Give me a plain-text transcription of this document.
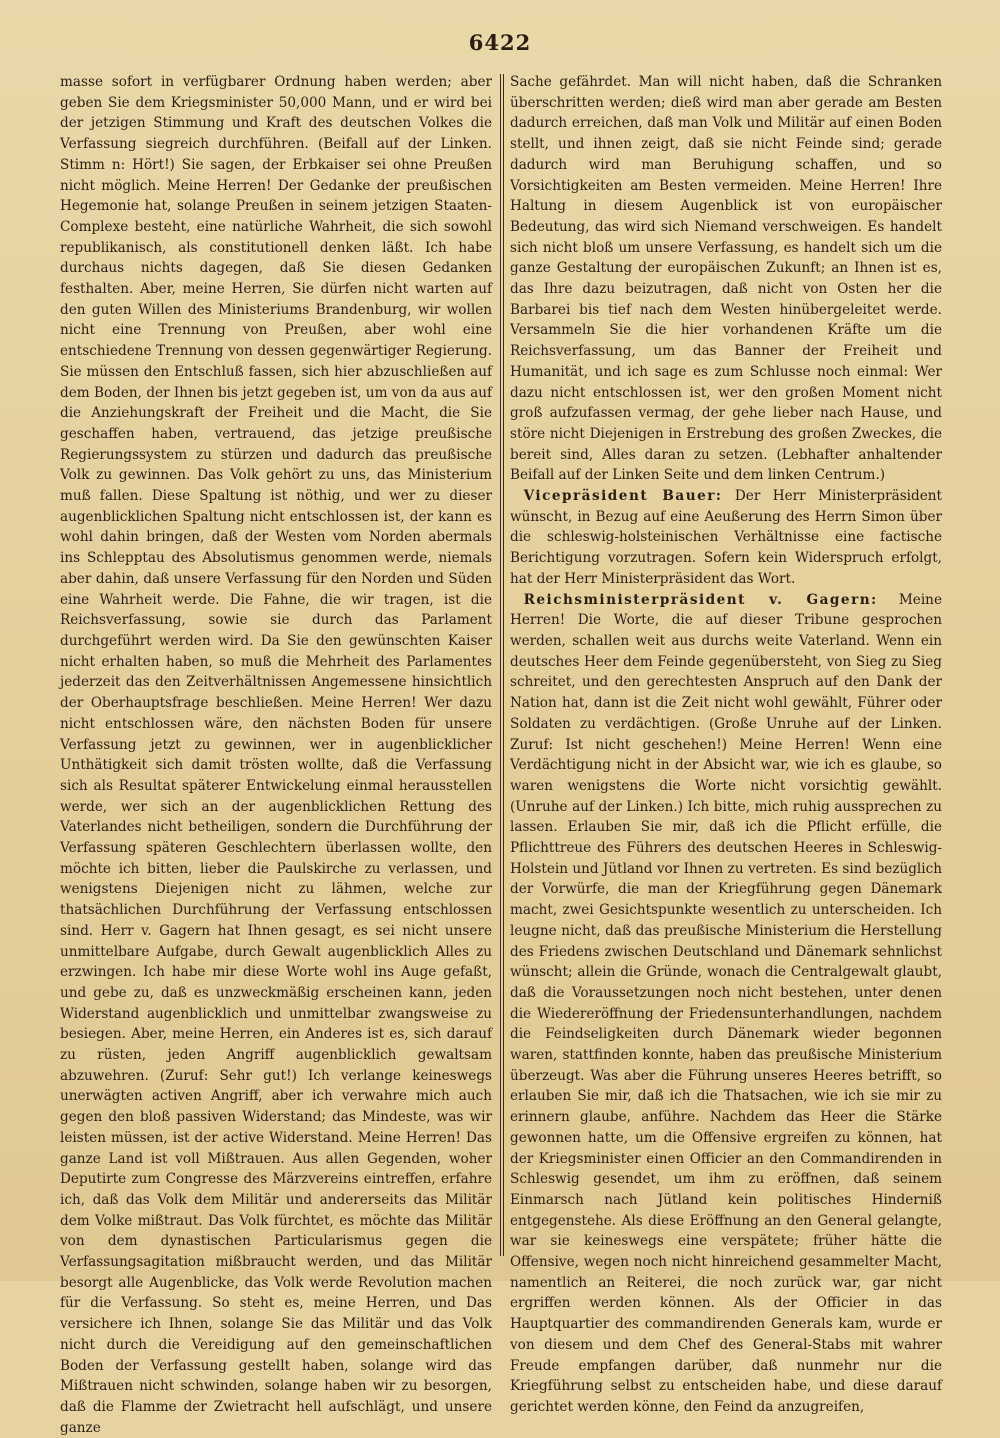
6422

masse sofort in verfügbarer Ordnung haben werden; aber geben Sie dem Kriegsminister 50,000 Mann, und er wird bei der jetzigen Stimmung und Kraft des deutschen Volkes die Verfassung siegreich durchführen. (Beifall auf der Linken. Stimm n: Hört!) Sie sagen, der Erbkaiser sei ohne Preußen nicht möglich. Meine Herren! Der Gedanke der preußischen Hegemonie hat, solange Preußen in seinem jetzigen Staaten-Complexe besteht, eine natürliche Wahrheit, die sich sowohl republikanisch, als constitutionell denken läßt. Ich habe durchaus nichts dagegen, daß Sie diesen Gedanken festhalten. Aber, meine Herren, Sie dürfen nicht warten auf den guten Willen des Ministeriums Brandenburg, wir wollen nicht eine Trennung von Preußen, aber wohl eine entschiedene Trennung von dessen gegenwärtiger Regierung. Sie müssen den Entschluß fassen, sich hier abzuschließen auf dem Boden, der Ihnen bis jetzt gegeben ist, um von da aus auf die Anziehungskraft der Freiheit und die Macht, die Sie geschaffen haben, vertrauend, das jetzige preußische Regierungssystem zu stürzen und dadurch das preußische Volk zu gewinnen. Das Volk gehört zu uns, das Ministerium muß fallen. Diese Spaltung ist nöthig, und wer zu dieser augenblicklichen Spaltung nicht entschlossen ist, der kann es wohl dahin bringen, daß der Westen vom Norden abermals ins Schlepptau des Absolutismus genommen werde, niemals aber dahin, daß unsere Verfassung für den Norden und Süden eine Wahrheit werde. Die Fahne, die wir tragen, ist die Reichsverfassung, sowie sie durch das Parlament durchgeführt werden wird. Da Sie den gewünschten Kaiser nicht erhalten haben, so muß die Mehrheit des Parlamentes jederzeit das den Zeitverhältnissen Angemessene hinsichtlich der Oberhauptsfrage beschließen. Meine Herren! Wer dazu nicht entschlossen wäre, den nächsten Boden für unsere Verfassung jetzt zu gewinnen, wer in augenblicklicher Unthätigkeit sich damit trösten wollte, daß die Verfassung sich als Resultat späterer Entwickelung einmal herausstellen werde, wer sich an der augenblicklichen Rettung des Vaterlandes nicht betheiligen, sondern die Durchführung der Verfassung späteren Geschlechtern überlassen wollte, den möchte ich bitten, lieber die Paulskirche zu verlassen, und wenigstens Diejenigen nicht zu lähmen, welche zur thatsächlichen Durchführung der Verfassung entschlossen sind. Herr v. Gagern hat Ihnen gesagt, es sei nicht unsere unmittelbare Aufgabe, durch Gewalt augenblicklich Alles zu erzwingen. Ich habe mir diese Worte wohl ins Auge gefaßt, und gebe zu, daß es unzweckmäßig erscheinen kann, jeden Widerstand augenblicklich und unmittelbar zwangsweise zu besiegen. Aber, meine Herren, ein Anderes ist es, sich darauf zu rüsten, jeden Angriff augenblicklich gewaltsam abzuwehren. (Zuruf: Sehr gut!) Ich verlange keineswegs unerwägten activen Angriff, aber ich verwahre mich auch gegen den bloß passiven Widerstand; das Mindeste, was wir leisten müssen, ist der active Widerstand. Meine Herren! Das ganze Land ist voll Mißtrauen. Aus allen Gegenden, woher Deputirte zum Congresse des Märzvereins eintreffen, erfahre ich, daß das Volk dem Militär und andererseits das Militär dem Volke mißtraut. Das Volk fürchtet, es möchte das Militär von dem dynastischen Particularismus gegen die Verfassungsagitation mißbraucht werden, und das Militär besorgt alle Augenblicke, das Volk werde Revolution machen für die Verfassung. So steht es, meine Herren, und Das versichere ich Ihnen, solange Sie das Militär und das Volk nicht durch die Vereidigung auf den gemeinschaftlichen Boden der Verfassung gestellt haben, solange wird das Mißtrauen nicht schwinden, solange haben wir zu besorgen, daß die Flamme der Zwietracht hell aufschlägt, und unsere ganze

Sache gefährdet. Man will nicht haben, daß die Schranken überschritten werden; dieß wird man aber gerade am Besten dadurch erreichen, daß man Volk und Militär auf einen Boden stellt, und ihnen zeigt, daß sie nicht Feinde sind; gerade dadurch wird man Beruhigung schaffen, und so Vorsichtigkeiten am Besten vermeiden. Meine Herren! Ihre Haltung in diesem Augenblick ist von europäischer Bedeutung, das wird sich Niemand verschweigen. Es handelt sich nicht bloß um unsere Verfassung, es handelt sich um die ganze Gestaltung der europäischen Zukunft; an Ihnen ist es, das Ihre dazu beizutragen, daß nicht von Osten her die Barbarei bis tief nach dem Westen hinübergeleitet werde. Versammeln Sie die hier vorhandenen Kräfte um die Reichsverfassung, um das Banner der Freiheit und Humanität, und ich sage es zum Schlusse noch einmal: Wer dazu nicht entschlossen ist, wer den großen Moment nicht groß aufzufassen vermag, der gehe lieber nach Hause, und störe nicht Diejenigen in Erstrebung des großen Zweckes, die bereit sind, Alles daran zu setzen. (Lebhafter anhaltender Beifall auf der Linken Seite und dem linken Centrum.)

 Vicepräsident Bauer: Der Herr Ministerpräsident wünscht, in Bezug auf eine Aeußerung des Herrn Simon über die schleswig-holsteinischen Verhältnisse eine factische Berichtigung vorzutragen. Sofern kein Widerspruch erfolgt, hat der Herr Ministerpräsident das Wort.

 Reichsministerpräsident v. Gagern: Meine Herren! Die Worte, die auf dieser Tribune gesprochen werden, schallen weit aus durchs weite Vaterland. Wenn ein deutsches Heer dem Feinde gegenübersteht, von Sieg zu Sieg schreitet, und den gerechtesten Anspruch auf den Dank der Nation hat, dann ist die Zeit nicht wohl gewählt, Führer oder Soldaten zu verdächtigen. (Große Unruhe auf der Linken. Zuruf: Ist nicht geschehen!) Meine Herren! Wenn eine Verdächtigung nicht in der Absicht war, wie ich es glaube, so waren wenigstens die Worte nicht vorsichtig gewählt. (Unruhe auf der Linken.) Ich bitte, mich ruhig aussprechen zu lassen. Erlauben Sie mir, daß ich die Pflicht erfülle, die Pflichttreue des Führers des deutschen Heeres in Schleswig-Holstein und Jütland vor Ihnen zu vertreten. Es sind bezüglich der Vorwürfe, die man der Kriegführung gegen Dänemark macht, zwei Gesichtspunkte wesentlich zu unterscheiden. Ich leugne nicht, daß das preußische Ministerium die Herstellung des Friedens zwischen Deutschland und Dänemark sehnlichst wünscht; allein die Gründe, wonach die Centralgewalt glaubt, daß die Voraussetzungen noch nicht bestehen, unter denen die Wiedereröffnung der Friedensunterhandlungen, nachdem die Feindseligkeiten durch Dänemark wieder begonnen waren, stattfinden konnte, haben das preußische Ministerium überzeugt. Was aber die Führung unseres Heeres betrifft, so erlauben Sie mir, daß ich die Thatsachen, wie ich sie mir zu erinnern glaube, anführe. Nachdem das Heer die Stärke gewonnen hatte, um die Offensive ergreifen zu können, hat der Kriegsminister einen Officier an den Commandirenden in Schleswig gesendet, um ihm zu eröffnen, daß seinem Einmarsch nach Jütland kein politisches Hinderniß entgegenstehe. Als diese Eröffnung an den General gelangte, war sie keineswegs eine verspätete; früher hätte die Offensive, wegen noch nicht hinreichend gesammelter Macht, namentlich an Reiterei, die noch zurück war, gar nicht ergriffen werden können. Als der Officier in das Hauptquartier des commandirenden Generals kam, wurde er von diesem und dem Chef des General-Stabs mit wahrer Freude empfangen darüber, daß nunmehr nur die Kriegführung selbst zu entscheiden habe, und diese darauf gerichtet werden könne, den Feind da anzugreifen,
